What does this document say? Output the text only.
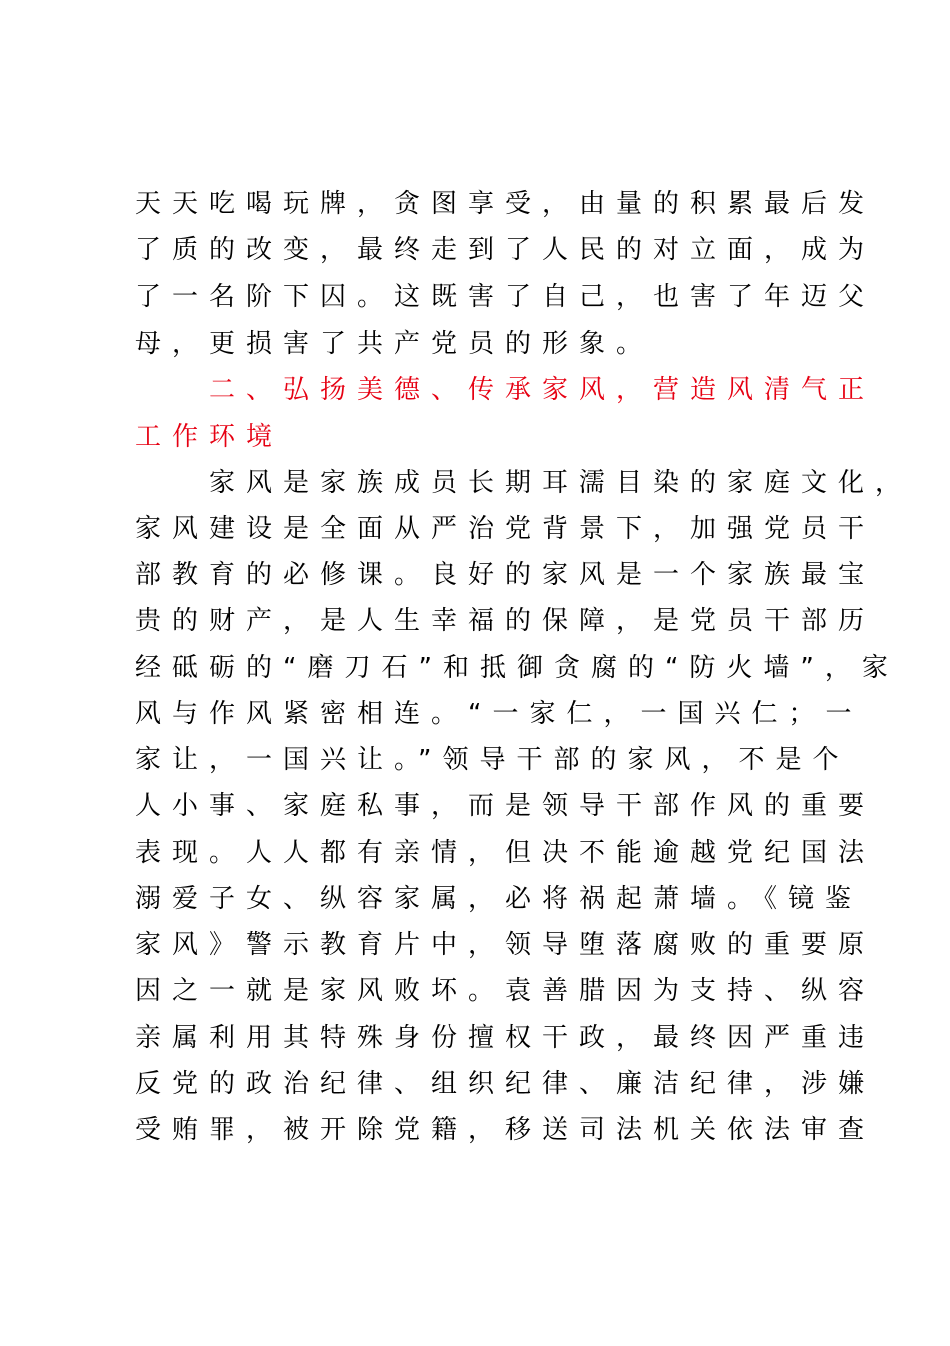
天天吃喝玩牌，贪图享受，由量的积累最后发
了质的改变，最终走到了人民的对立面，成为
了一名阶下囚。这既害了自己，也害了年迈父
母，更损害了共产党员的形象。
　　二、弘扬美德、传承家风，营造风清气正
工作环境
　　家风是家族成员长期耳濡目染的家庭文化，
家风建设是全面从严治党背景下，加强党员干
部教育的必修课。良好的家风是一个家族最宝
贵的财产，是人生幸福的保障，是党员干部历
经砥砺的“磨刀石”和抵御贪腐的“防火墙”，家
风与作风紧密相连。“一家仁，一国兴仁；一
家让，一国兴让。”领导干部的家风，不是个
人小事、家庭私事，而是领导干部作风的重要
表现。人人都有亲情，但决不能逾越党纪国法
溺爱子女、纵容家属，必将祸起萧墙。《镜鉴
家风》警示教育片中，领导堕落腐败的重要原
因之一就是家风败坏。袁善腊因为支持、纵容
亲属利用其特殊身份擅权干政，最终因严重违
反党的政治纪律、组织纪律、廉洁纪律，涉嫌
受贿罪，被开除党籍，移送司法机关依法审查
